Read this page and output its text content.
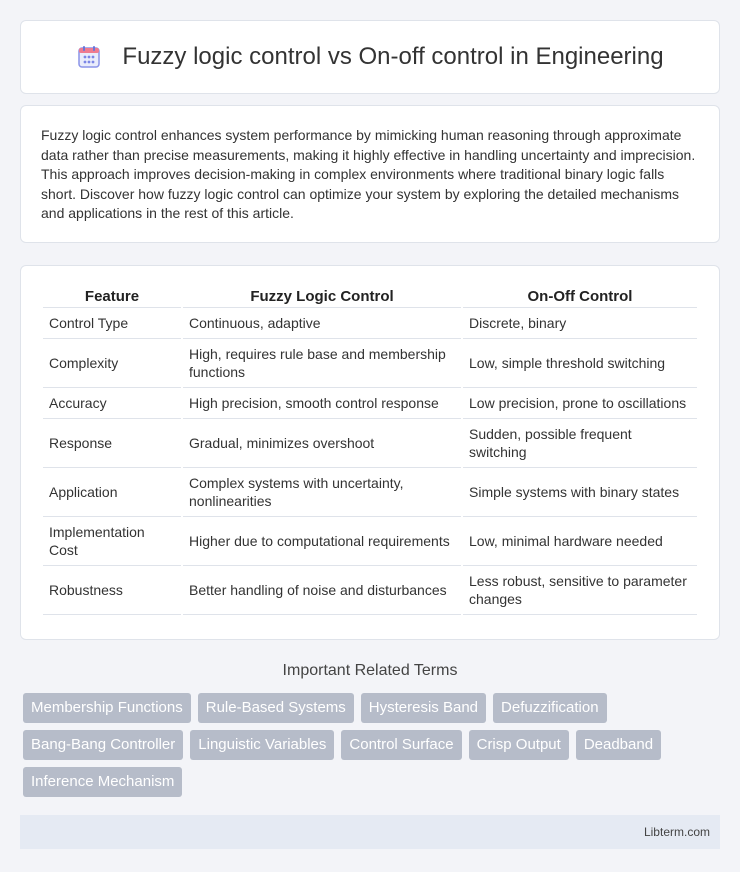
Fuzzy logic control vs On-off control in Engineering

Fuzzy logic control enhances system performance by mimicking human reasoning through approximate data rather than precise measurements, making it highly effective in handling uncertainty and imprecision. This approach improves decision-making in complex environments where traditional binary logic falls short. Discover how fuzzy logic control can optimize your system by exploring the detailed mechanisms and applications in the rest of this article.

Feature	Fuzzy Logic Control	On-Off Control
Control Type	Continuous, adaptive	Discrete, binary
Complexity	High, requires rule base and membership functions	Low, simple threshold switching
Accuracy	High precision, smooth control response	Low precision, prone to oscillations
Response	Gradual, minimizes overshoot	Sudden, possible frequent switching
Application	Complex systems with uncertainty, nonlinearities	Simple systems with binary states
Implementation Cost	Higher due to computational requirements	Low, minimal hardware needed
Robustness	Better handling of noise and disturbances	Less robust, sensitive to parameter changes
Important Related Terms
Membership Functions	Rule-Based Systems	Hysteresis Band	Defuzzification
Bang-Bang Controller	Linguistic Variables	Control Surface	Crisp Output	Deadband
Inference Mechanism
Libterm.com
